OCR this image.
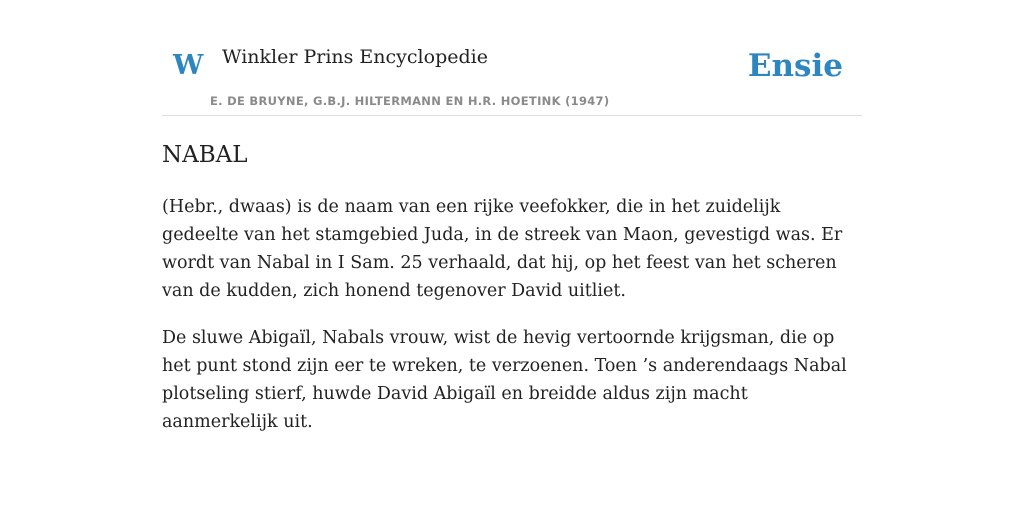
W Winkler Prins Encyclopedie
E. DE BRUYNE, G.B.J. HILTERMANN EN H.R. HOETINK (1947)
Ensie
NABAL

(Hebr., dwaas) is de naam van een rijke veefokker, die in het zuidelijk gedeelte van het stamgebied Juda, in de streek van Maon, gevestigd was. Er wordt van Nabal in I Sam. 25 verhaald, dat hij, op het feest van het scheren van de kudden, zich honend tegenover David uitliet.

De sluwe Abigaïl, Nabals vrouw, wist de hevig vertoornde krijgsman, die op het punt stond zijn eer te wreken, te verzoenen. Toen ’s anderendaags Nabal plotseling stierf, huwde David Abigaïl en breidde aldus zijn macht aanmerkelijk uit.
